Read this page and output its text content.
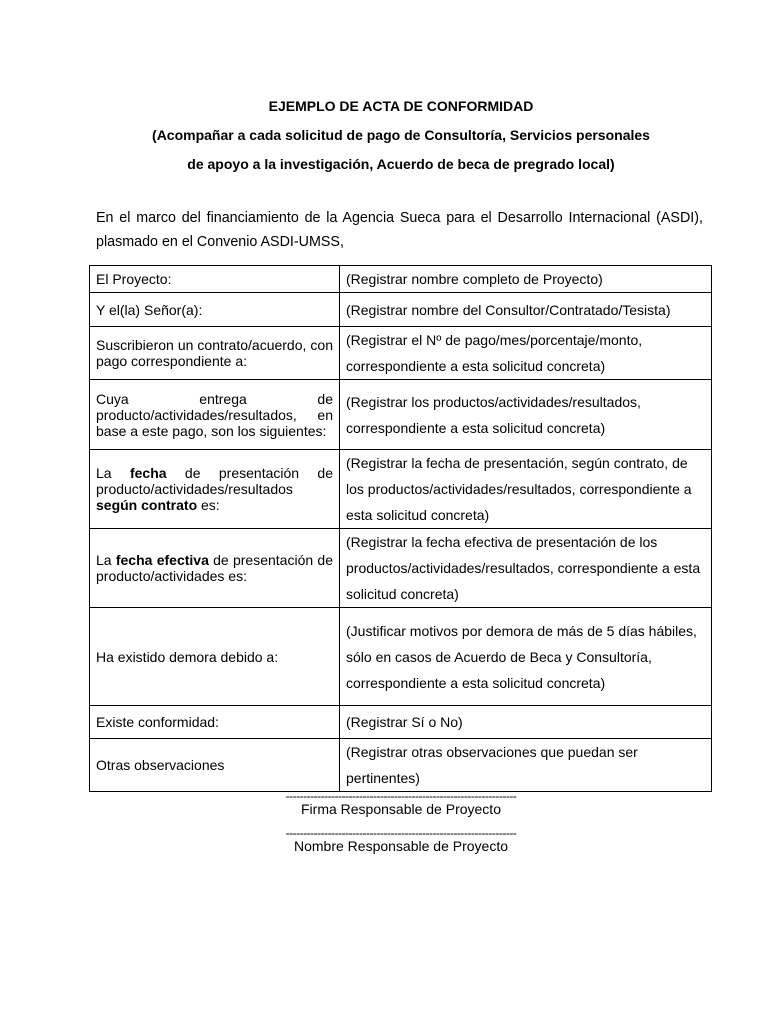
EJEMPLO DE ACTA DE CONFORMIDAD
(Acompañar a cada solicitud de pago de Consultoría, Servicios personales
de apoyo a la investigación, Acuerdo de beca de pregrado local)
En el marco del financiamiento de la Agencia Sueca para el Desarrollo Internacional (ASDI), plasmado en el Convenio ASDI-UMSS,
El Proyecto:	(Registrar nombre completo de Proyecto)
Y el(la) Señor(a):	(Registrar nombre del Consultor/Contratado/Tesista)
Suscribieron un contrato/acuerdo, con pago correspondiente a:	(Registrar el Nº de pago/mes/porcentaje/monto, correspondiente a esta solicitud concreta)
Cuya entrega de producto/actividades/resultados, en base a este pago, son los siguientes:	(Registrar los productos/actividades/resultados, correspondiente a esta solicitud concreta)
La fecha de presentación de producto/actividades/resultados según contrato es:	(Registrar la fecha de presentación, según contrato, de los productos/actividades/resultados, correspondiente a esta solicitud concreta)
La fecha efectiva de presentación de producto/actividades es:	(Registrar la fecha efectiva de presentación de los productos/actividades/resultados, correspondiente a esta solicitud concreta)
Ha existido demora debido a:	(Justificar motivos por demora de más de 5 días hábiles, sólo en casos de Acuerdo de Beca y Consultoría, correspondiente a esta solicitud concreta)
Existe conformidad:	(Registrar Sí o No)
Otras observaciones	(Registrar otras observaciones que puedan ser pertinentes)
------------------------------------------------------------------
Firma Responsable de Proyecto
------------------------------------------------------------------
Nombre Responsable de Proyecto
